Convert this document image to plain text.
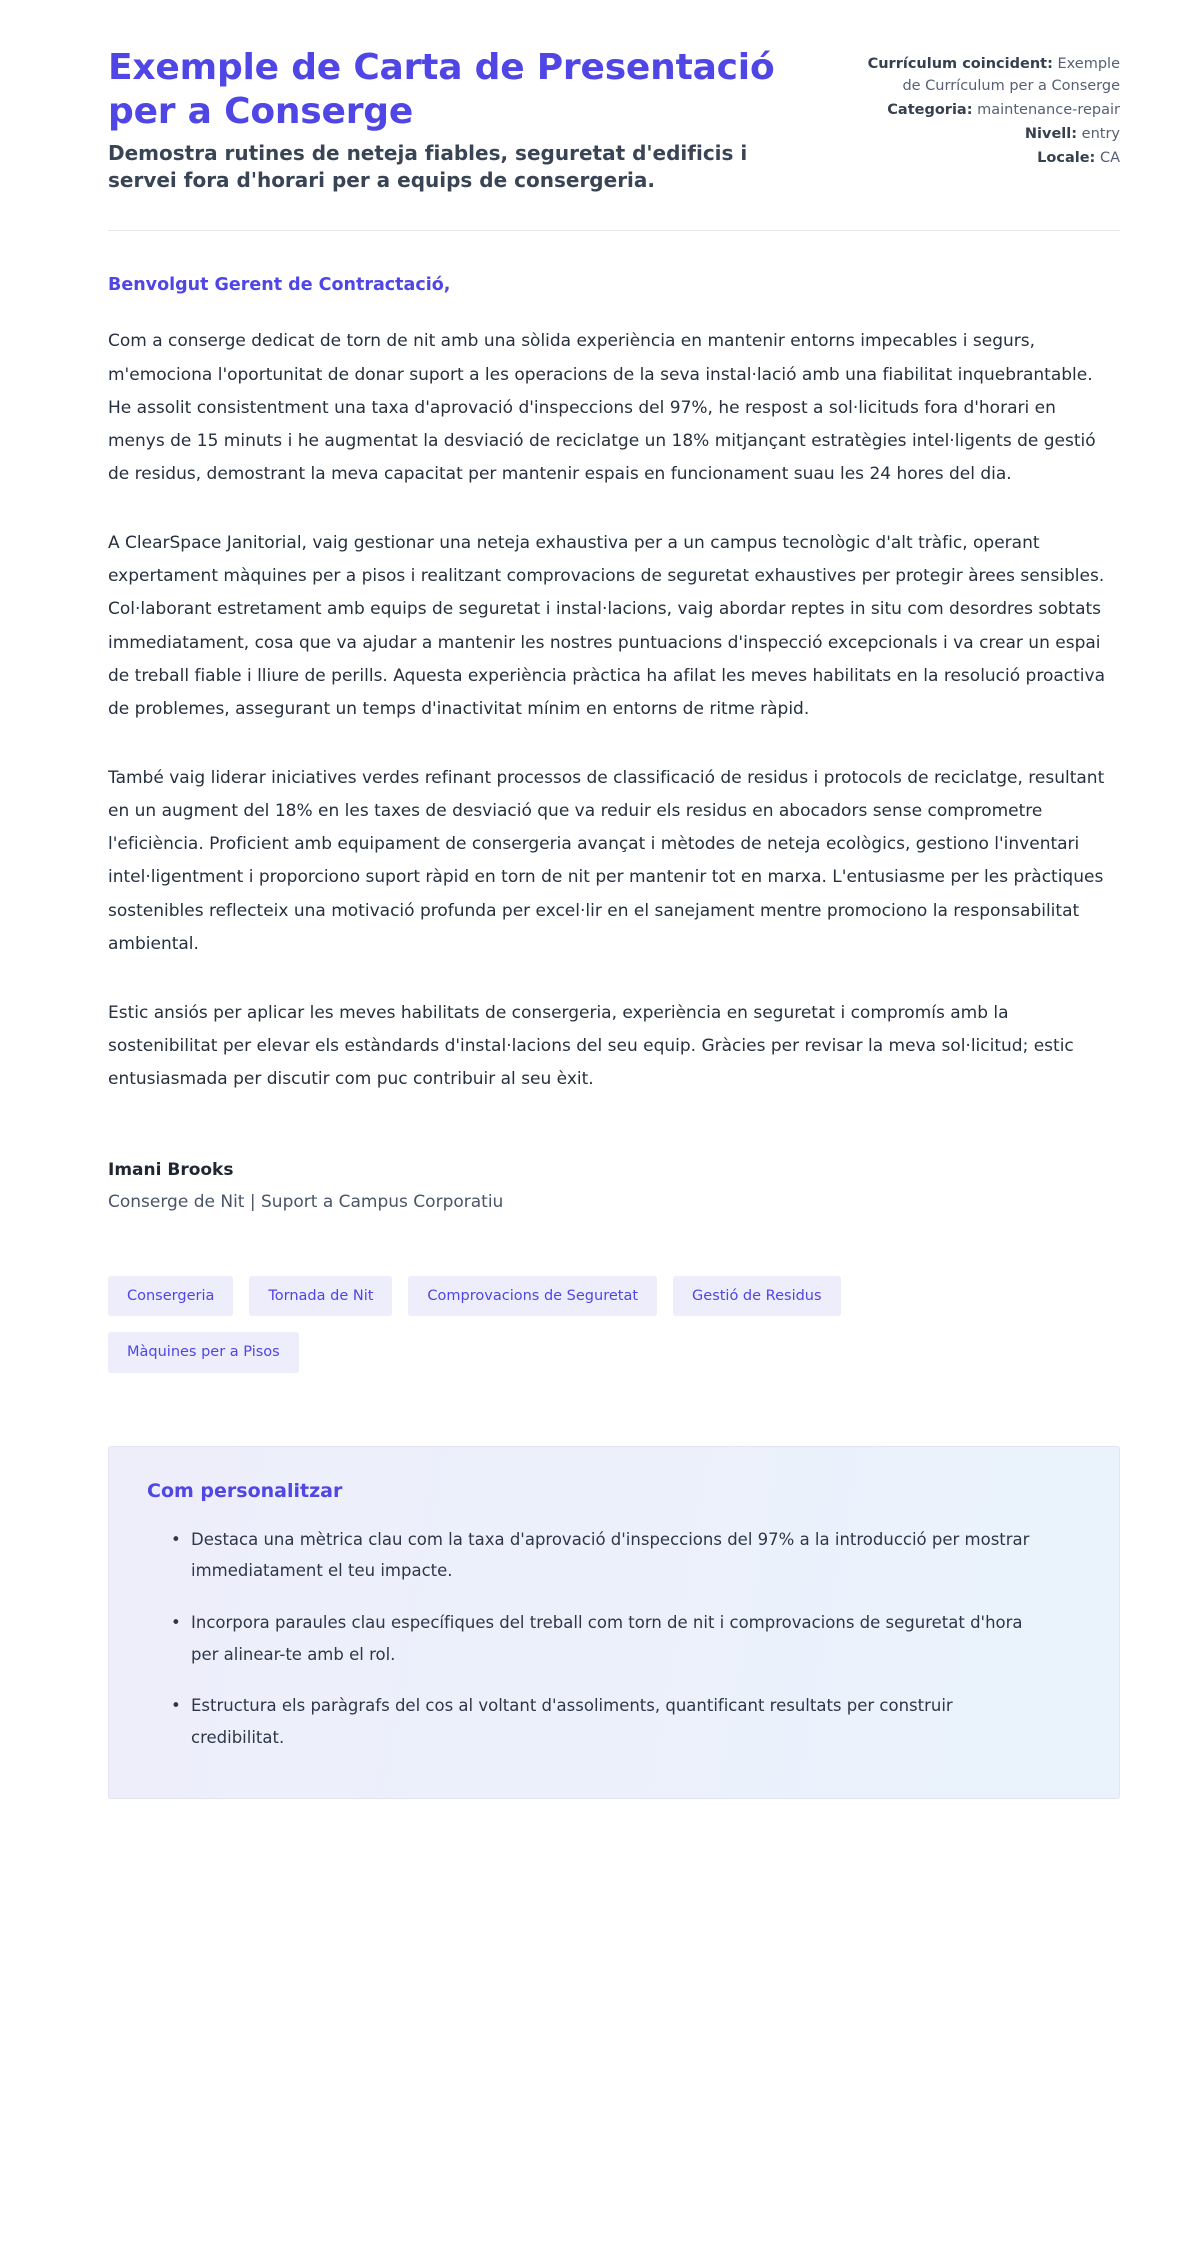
Exemple de Carta de Presentació per a Conserge

Demostra rutines de neteja fiables, seguretat d'edificis i servei fora d'horari per a equips de consergeria.

Currículum coincident: Exemple de Currículum per a Conserge
Categoria: maintenance-repair
Nivell: entry
Locale: CA

Benvolgut Gerent de Contractació,

Com a conserge dedicat de torn de nit amb una sòlida experiència en mantenir entorns impecables i segurs, m'emociona l'oportunitat de donar suport a les operacions de la seva instal·lació amb una fiabilitat inquebrantable. He assolit consistentment una taxa d'aprovació d'inspeccions del 97%, he respost a sol·licituds fora d'horari en menys de 15 minuts i he augmentat la desviació de reciclatge un 18% mitjançant estratègies intel·ligents de gestió de residus, demostrant la meva capacitat per mantenir espais en funcionament suau les 24 hores del dia.

A ClearSpace Janitorial, vaig gestionar una neteja exhaustiva per a un campus tecnològic d'alt tràfic, operant expertament màquines per a pisos i realitzant comprovacions de seguretat exhaustives per protegir àrees sensibles. Col·laborant estretament amb equips de seguretat i instal·lacions, vaig abordar reptes in situ com desordres sobtats immediatament, cosa que va ajudar a mantenir les nostres puntuacions d'inspecció excepcionals i va crear un espai de treball fiable i lliure de perills. Aquesta experiència pràctica ha afilat les meves habilitats en la resolució proactiva de problemes, assegurant un temps d'inactivitat mínim en entorns de ritme ràpid.

També vaig liderar iniciatives verdes refinant processos de classificació de residus i protocols de reciclatge, resultant en un augment del 18% en les taxes de desviació que va reduir els residus en abocadors sense comprometre l'eficiència. Proficient amb equipament de consergeria avançat i mètodes de neteja ecològics, gestiono l'inventari intel·ligentment i proporciono suport ràpid en torn de nit per mantenir tot en marxa. L'entusiasme per les pràctiques sostenibles reflecteix una motivació profunda per excel·lir en el sanejament mentre promociono la responsabilitat ambiental.

Estic ansiós per aplicar les meves habilitats de consergeria, experiència en seguretat i compromís amb la sostenibilitat per elevar els estàndards d'instal·lacions del seu equip. Gràcies per revisar la meva sol·licitud; estic entusiasmada per discutir com puc contribuir al seu èxit.

Imani Brooks

Conserge de Nit | Suport a Campus Corporatiu

Consergeria	Tornada de Nit	Comprovacions de Seguretat	Gestió de Residus
Màquines per a Pisos
Com personalitzar
• Destaca una mètrica clau com la taxa d'aprovació d'inspeccions del 97% a la introducció per mostrar immediatament el teu impacte.
• Incorpora paraules clau específiques del treball com torn de nit i comprovacions de seguretat d'hora per alinear-te amb el rol.
• Estructura els paràgrafs del cos al voltant d'assoliments, quantificant resultats per construir credibilitat.
